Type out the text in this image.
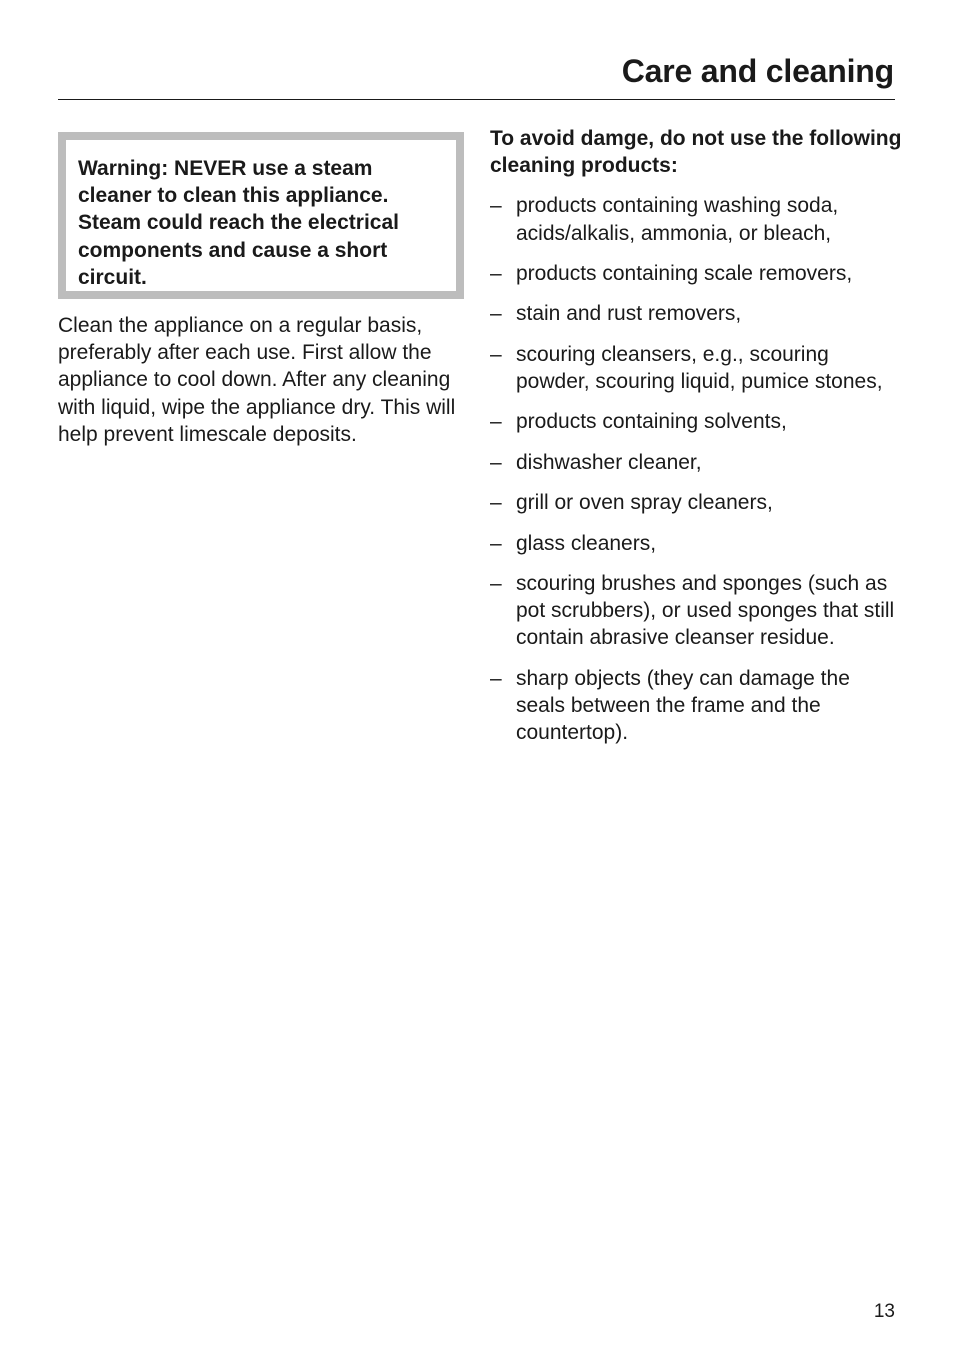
Care and cleaning

Warning: NEVER use a steam cleaner to clean this appliance. Steam could reach the electrical components and cause a short circuit.

Clean the appliance on a regular basis, preferably after each use. First allow the appliance to cool down. After any cleaning with liquid, wipe the appliance dry. This will help prevent limescale deposits.

To avoid damge, do not use the following cleaning products:

– products containing washing soda, acids/alkalis, ammonia, or bleach,
– products containing scale removers,
– stain and rust removers,
– scouring cleansers, e.g., scouring powder, scouring liquid, pumice stones,
– products containing solvents,
– dishwasher cleaner,
– grill or oven spray cleaners,
– glass cleaners,
– scouring brushes and sponges (such as pot scrubbers), or used sponges that still contain abrasive cleanser residue.
– sharp objects (they can damage the seals between the frame and the countertop).
13
